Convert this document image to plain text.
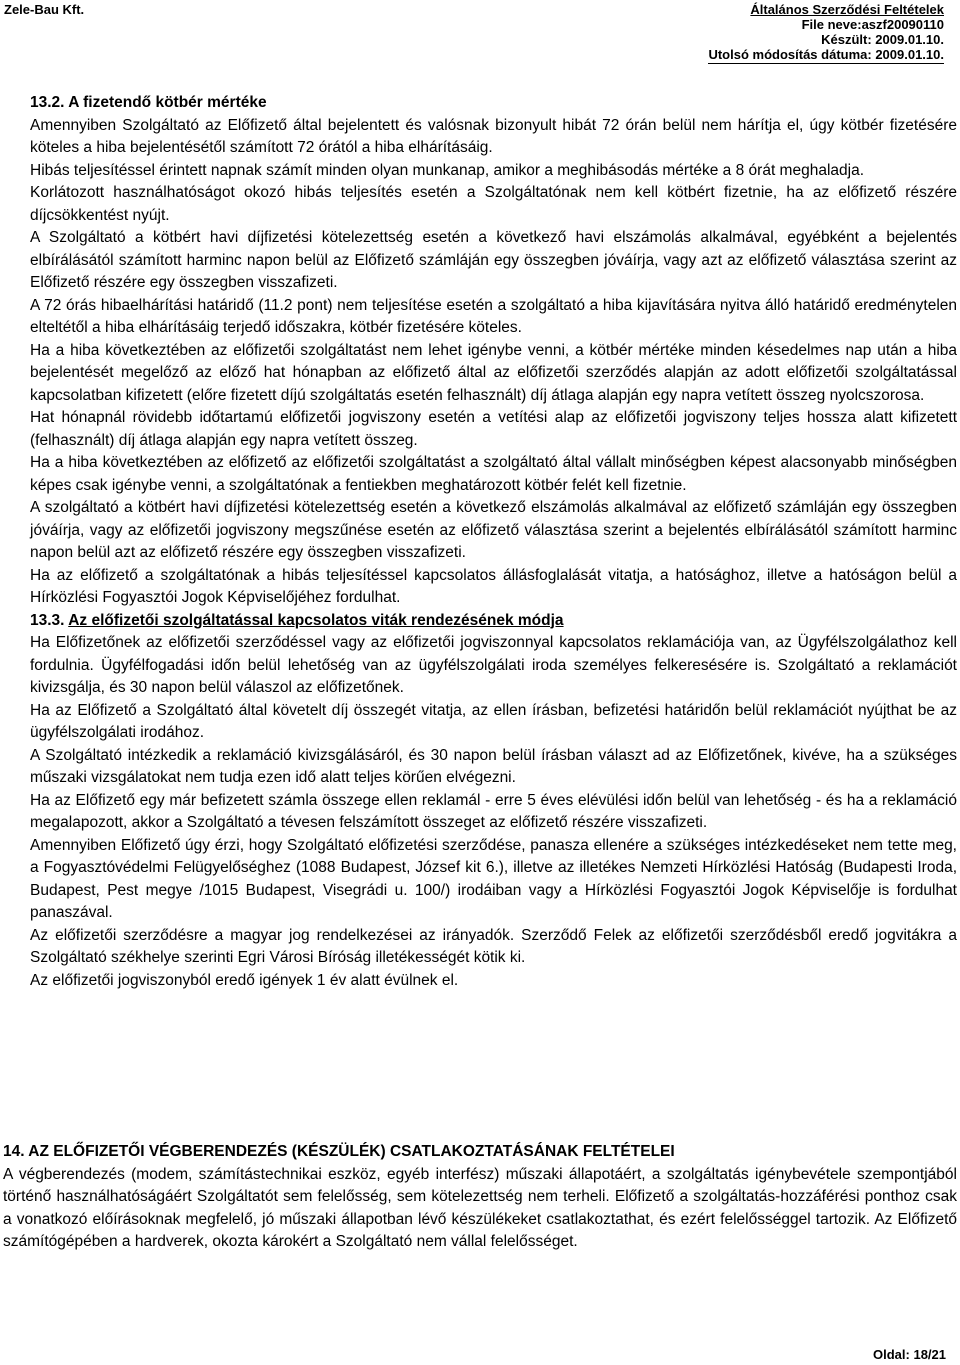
Zele-Bau Kft.	Általános Szerződési Feltételek
File neve:aszf20090110
Készült: 2009.01.10.
Utolsó módosítás dátuma: 2009.01.10.

13.2. A fizetendő kötbér mértéke

Amennyiben Szolgáltató az Előfizető által bejelentett és valósnak bizonyult hibát 72 órán belül nem hárítja el, úgy kötbér fizetésére köteles a hiba bejelentésétől számított 72 órától a hiba elhárításáig.

Hibás teljesítéssel érintett napnak számít minden olyan munkanap, amikor a meghibásodás mértéke a 8 órát meghaladja.

Korlátozott használhatóságot okozó hibás teljesítés esetén a Szolgáltatónak nem kell kötbért fizetnie, ha az előfizető részére díjcsökkentést nyújt.

A Szolgáltató a kötbért havi díjfizetési kötelezettség esetén a következő havi elszámolás alkalmával, egyébként a bejelentés elbírálásától számított harminc napon belül az Előfizető számláján egy összegben jóváírja, vagy azt az előfizető választása szerint az Előfizető részére egy összegben visszafizeti.

A 72 órás hibaelhárítási határidő (11.2 pont) nem teljesítése esetén a szolgáltató a hiba kijavítására nyitva álló határidő eredménytelen elteltétől a hiba elhárításáig terjedő időszakra, kötbér fizetésére köteles.

Ha a hiba következtében az előfizetői szolgáltatást nem lehet igénybe venni, a kötbér mértéke minden késedelmes nap után a hiba bejelentését megelőző az előző hat hónapban az előfizető által az előfizetői szerződés alapján az adott előfizetői szolgáltatással kapcsolatban kifizetett (előre fizetett díjú szolgáltatás esetén felhasznált) díj átlaga alapján egy napra vetített összeg nyolcszorosa.

Hat hónapnál rövidebb időtartamú előfizetői jogviszony esetén a vetítési alap az előfizetői jogviszony teljes hossza alatt kifizetett (felhasznált) díj átlaga alapján egy napra vetített összeg.

Ha a hiba következtében az előfizető az előfizetői szolgáltatást a szolgáltató által vállalt minőségben képest alacsonyabb minőségben képes csak igénybe venni, a szolgáltatónak a fentiekben meghatározott kötbér felét kell fizetnie.

A szolgáltató a kötbért havi díjfizetési kötelezettség esetén a következő elszámolás alkalmával az előfizető számláján egy összegben jóváírja, vagy az előfizetői jogviszony megszűnése esetén az előfizető választása szerint a bejelentés elbírálásától számított harminc napon belül azt az előfizető részére egy összegben visszafizeti.

Ha az előfizető a szolgáltatónak a hibás teljesítéssel kapcsolatos állásfoglalását vitatja, a hatósághoz, illetve a hatóságon belül a Hírközlési Fogyasztói Jogok Képviselőjéhez fordulhat.

13.3. Az előfizetői szolgáltatással kapcsolatos viták rendezésének módja

Ha Előfizetőnek az előfizetői szerződéssel vagy az előfizetői jogviszonnyal kapcsolatos reklamációja van, az Ügyfélszolgálathoz kell fordulnia. Ügyfélfogadási időn belül lehetőség van az ügyfélszolgálati iroda személyes felkeresésére is. Szolgáltató a reklamációt kivizsgálja, és 30 napon belül válaszol az előfizetőnek.

Ha az Előfizető a Szolgáltató által követelt díj összegét vitatja, az ellen írásban, befizetési határidőn belül reklamációt nyújthat be az ügyfélszolgálati irodához.

A Szolgáltató intézkedik a reklamáció kivizsgálásáról, és 30 napon belül írásban választ ad az Előfizetőnek, kivéve, ha a szükséges műszaki vizsgálatokat nem tudja ezen idő alatt teljes körűen elvégezni.

Ha az Előfizető egy már befizetett számla összege ellen reklamál - erre 5 éves elévülési időn belül van lehetőség - és ha a reklamáció megalapozott, akkor a Szolgáltató a tévesen felszámított összeget az előfizető részére visszafizeti.

Amennyiben Előfizető úgy érzi, hogy Szolgáltató előfizetési szerződése, panasza ellenére a szükséges intézkedéseket nem tette meg, a Fogyasztóvédelmi Felügyelőséghez (1088 Budapest, József kit 6.), illetve az illetékes Nemzeti Hírközlési Hatóság (Budapesti Iroda, Budapest, Pest megye /1015 Budapest, Visegrádi u. 100/) irodáiban vagy a Hírközlési Fogyasztói Jogok Képviselője is fordulhat panaszával.

Az előfizetői szerződésre a magyar jog rendelkezései az irányadók. Szerződő Felek az előfizetői szerződésből eredő jogvitákra a Szolgáltató székhelye szerinti Egri Városi Bíróság illetékességét kötik ki.

Az előfizetői jogviszonyból eredő igények 1 év alatt évülnek el.

14. AZ ELŐFIZETŐI VÉGBERENDEZÉS (KÉSZÜLÉK) CSATLAKOZTATÁSÁNAK FELTÉTELEI

A végberendezés (modem, számítástechnikai eszköz, egyéb interfész) műszaki állapotáért, a szolgáltatás igénybevétele szempontjából történő használhatóságáért Szolgáltatót sem felelősség, sem kötelezettség nem terheli. Előfizető a szolgáltatás-hozzáférési ponthoz csak a vonatkozó előírásoknak megfelelő, jó műszaki állapotban lévő készülékeket csatlakoztathat, és ezért felelősséggel tartozik. Az Előfizető számítógépében a hardverek, okozta károkért a Szolgáltató nem vállal felelősséget.

Oldal: 18/21
